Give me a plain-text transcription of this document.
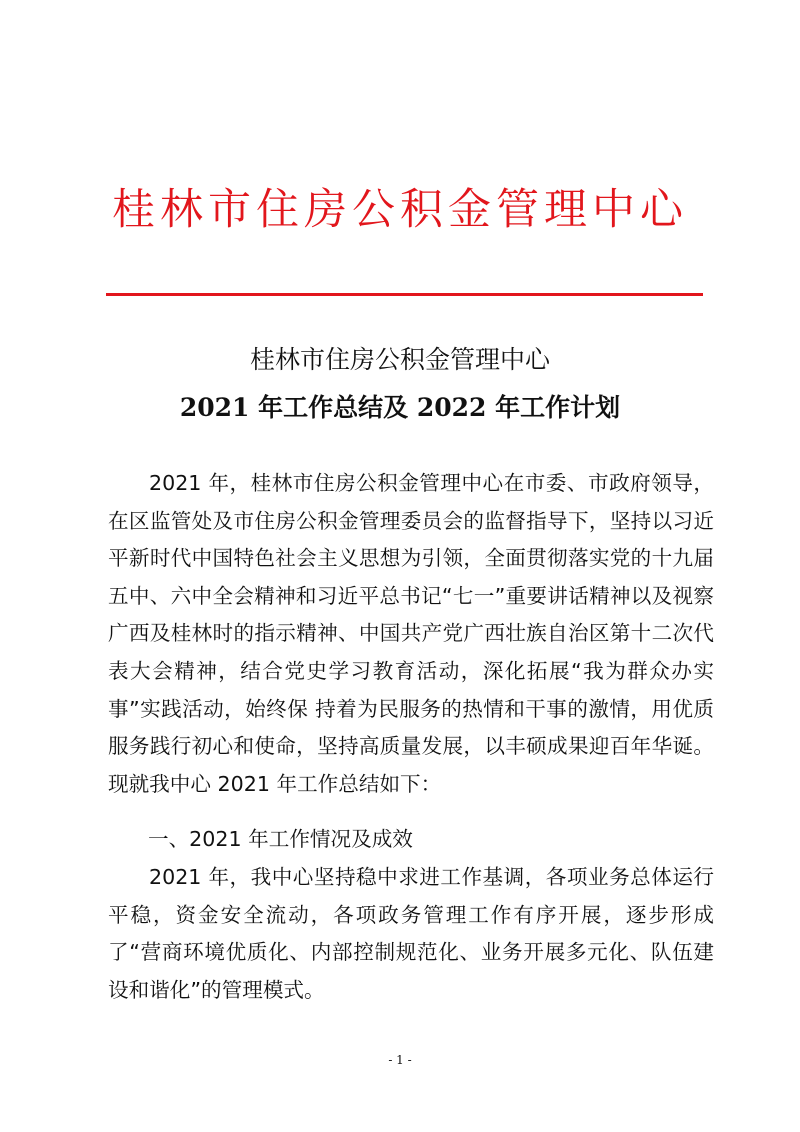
桂林市住房公积金管理中心
桂林市住房公积金管理中心
2021 年工作总结及 2022 年工作计划
2021 年，桂林市住房公积金管理中心在市委、市政府领导，在区监管处及市住房公积金管理委员会的监督指导下，坚持以习近平新时代中国特色社会主义思想为引领，全面贯彻落实党的十九届五中、六中全会精神和习近平总书记“七一”重要讲话精神以及视察广西及桂林时的指示精神、中国共产党广西壮族自治区第十二次代表大会精神，结合党史学习教育活动，深化拓展“我为群众办实事”实践活动，始终保 持着为民服务的热情和干事的激情，用优质服务践行初心和使命，坚持高质量发展，以丰硕成果迎百年华诞。现就我中心 2021 年工作总结如下：
一、2021 年工作情况及成效
2021 年，我中心坚持稳中求进工作基调，各项业务总体运行平稳，资金安全流动，各项政务管理工作有序开展，逐步形成了“营商环境优质化、内部控制规范化、业务开展多元化、队伍建设和谐化”的管理模式。
- 1 -
